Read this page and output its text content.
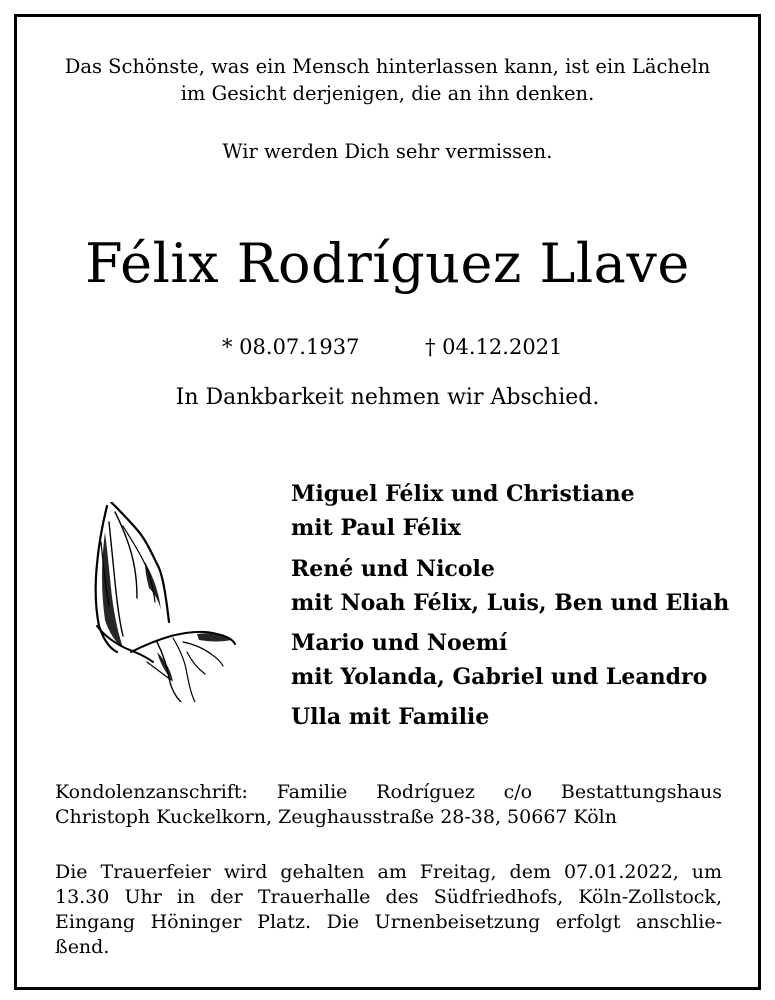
Das Schönste, was ein Mensch hinterlassen kann, ist ein Lächeln

im Gesicht derjenigen, die an ihn denken.

Wir werden Dich sehr vermissen.

Félix Rodríguez Llave

* 08.07.1937	† 04.12.2021

In Dankbarkeit nehmen wir Abschied.

Miguel Félix und Christiane

mit Paul Félix

René und Nicole

mit Noah Félix, Luis, Ben und Eliah

Mario und Noemí

mit Yolanda, Gabriel und Leandro

Ulla mit Familie

Kondolenzanschrift: Familie Rodríguez c/o Bestattungshaus
Christoph Kuckelkorn, Zeughausstraße 28-38, 50667 Köln
Die Trauerfeier wird gehalten am Freitag, dem 07.01.2022, um
13.30 Uhr in der Trauerhalle des Südfriedhofs, Köln-Zollstock,
Eingang Höninger Platz. Die Urnenbeisetzung erfolgt anschlie-
ßend.
